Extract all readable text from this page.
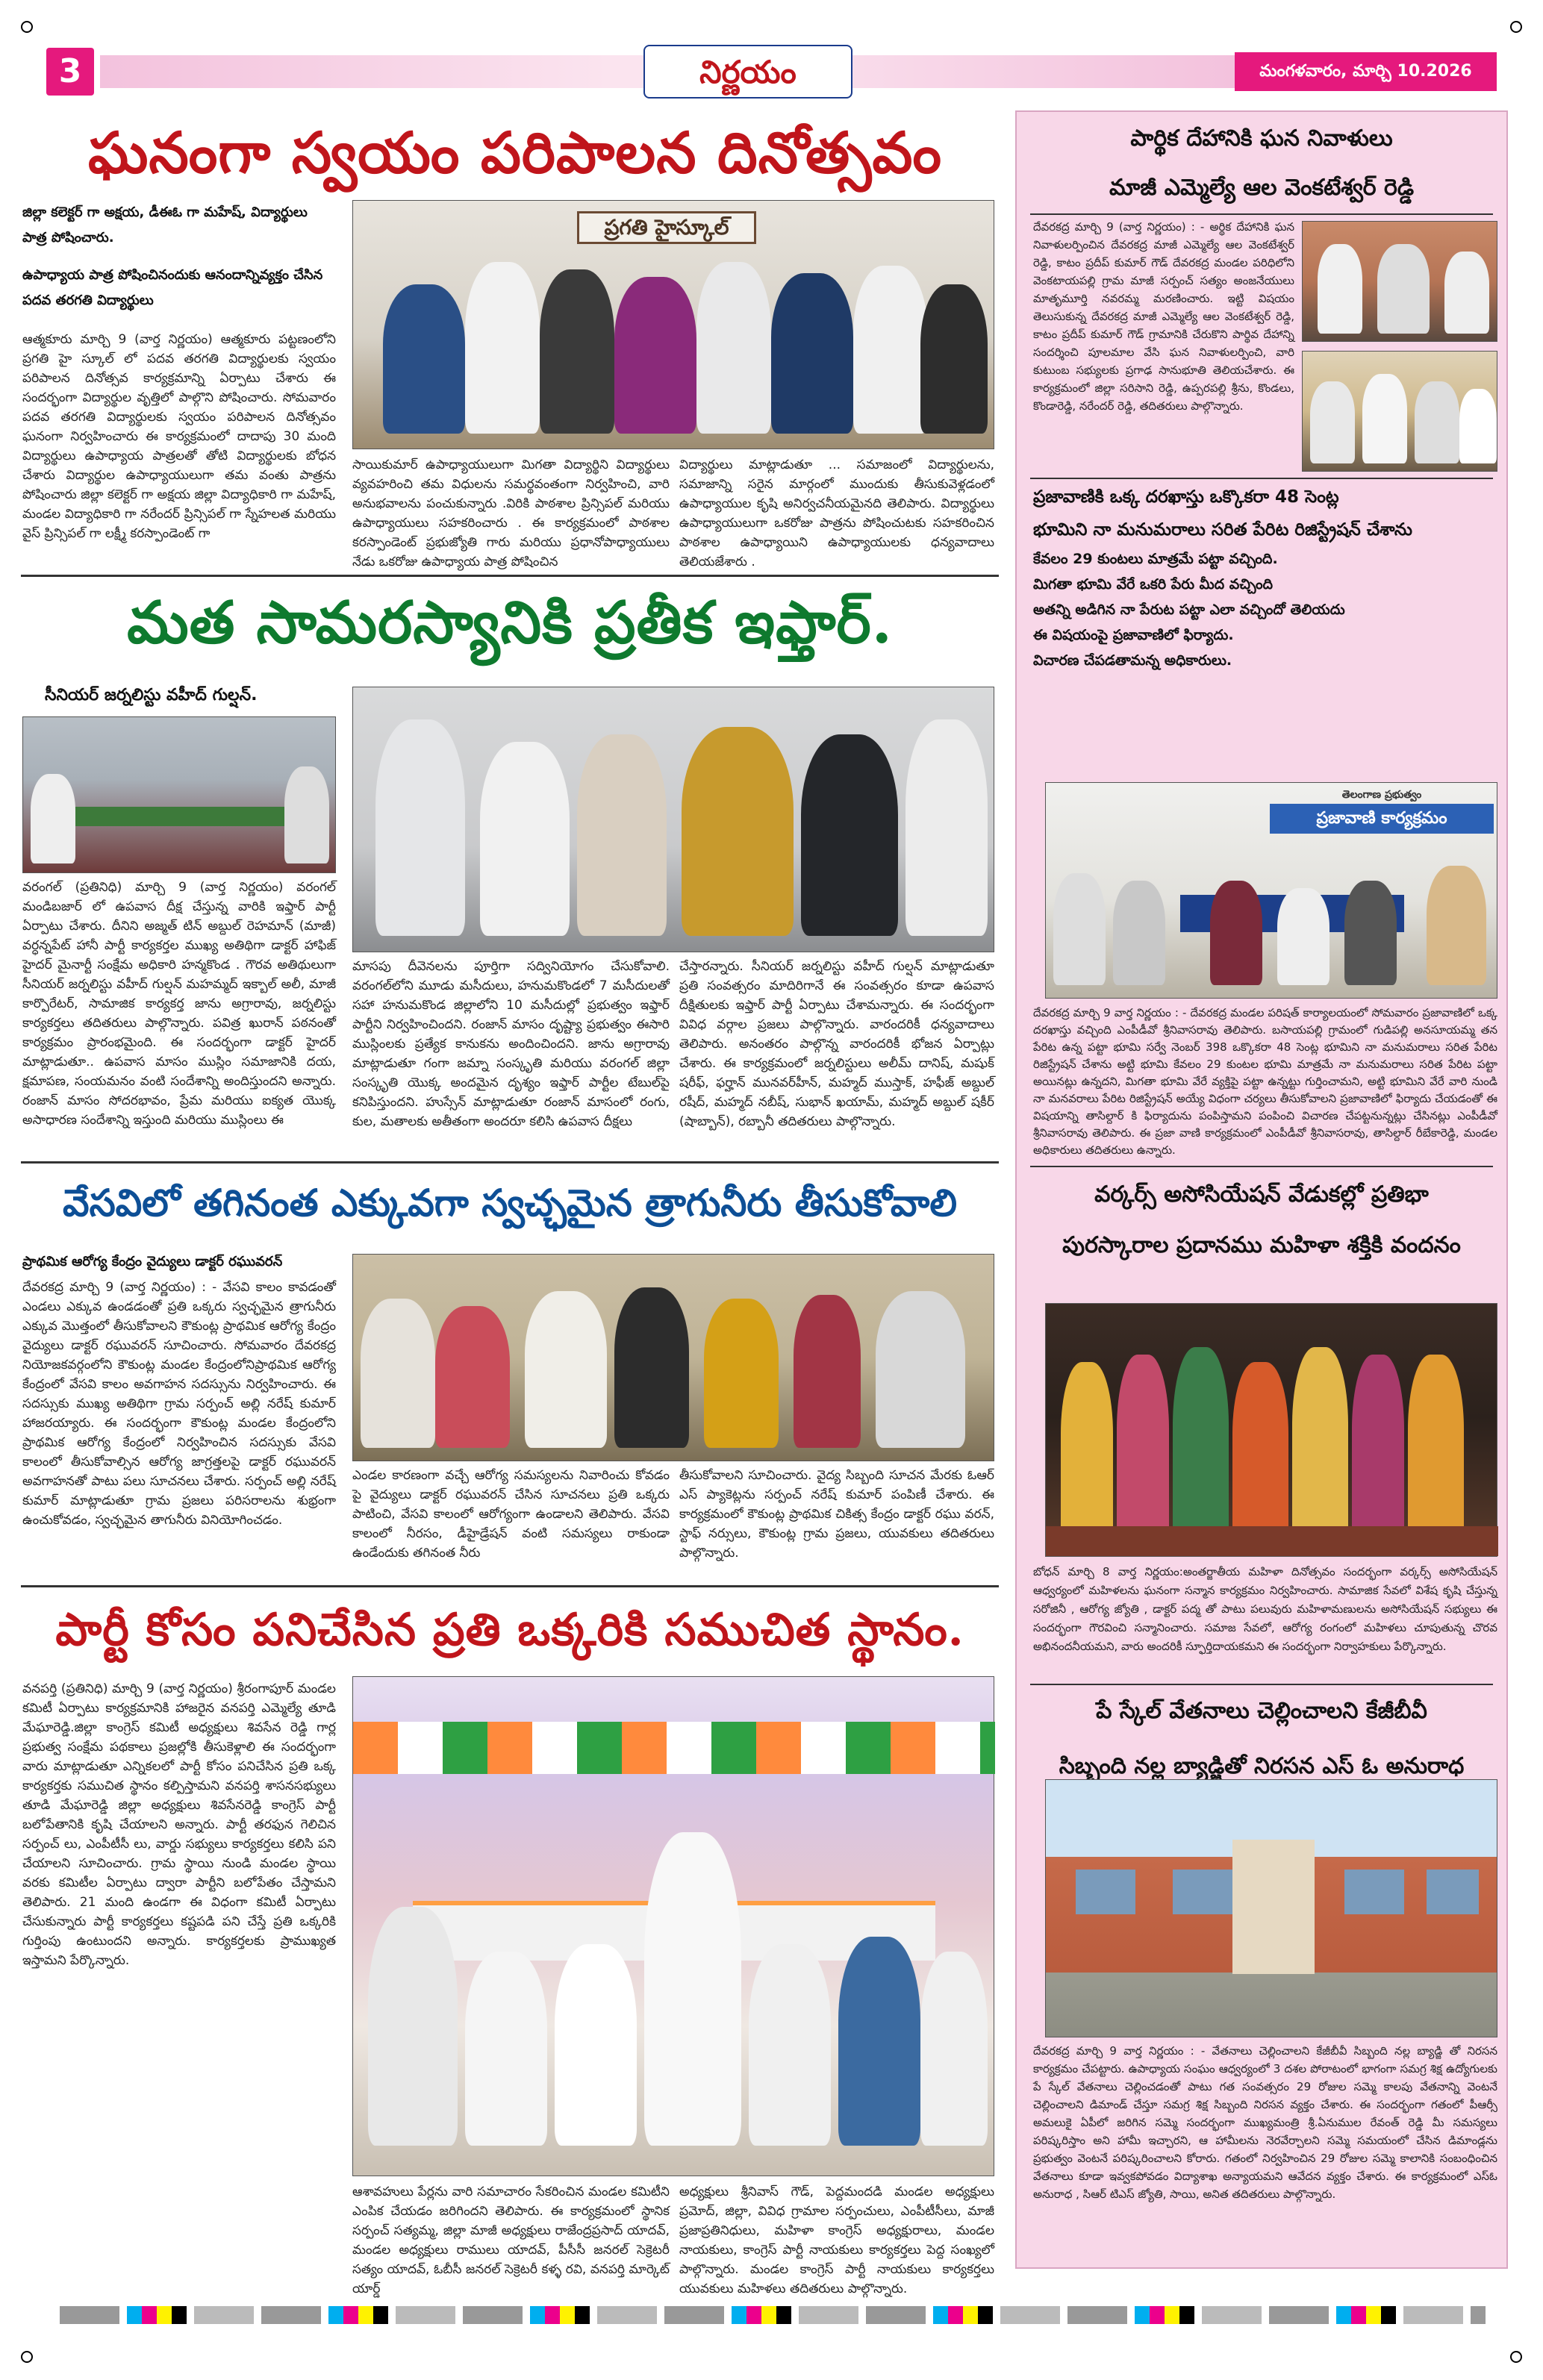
3	నిర్ణయం	మంగళవారం, మార్చి 10.2026
ఘనంగా స్వయం పరిపాలన దినోత్సవం
జిల్లా కలెక్టర్ గా అక్షయ, డీఈఓ గా మహేష్, విద్యార్థులు పాత్ర పోషించారు.
ఉపాధ్యాయ పాత్ర పోషించినందుకు ఆనందాన్నివ్యక్తం చేసిన పదవ తరగతి విద్యార్థులు
ఆత్మకూరు మార్చి 9 (వార్త నిర్ణయం) ఆత్మకూరు పట్టణంలోని ప్రగతి హై స్కూల్ లో పదవ తరగతి విద్యార్థులకు స్వయం పరిపాలన దినోత్సవ కార్యక్రమాన్ని ఏర్పాటు చేశారు ఈ సందర్భంగా విద్యార్థుల వృత్తిలో పాల్గొని పోషించారు. సోమవారం పదవ తరగతి విద్యార్థులకు స్వయం పరిపాలన దినోత్సవం ఘనంగా నిర్వహించారు ఈ కార్యక్రమంలో దాదాపు 30 మంది విద్యార్థులు ఉపాధ్యాయ పాత్రలతో తోటి విద్యార్థులకు బోధన చేశారు విద్యార్థుల ఉపాధ్యాయులుగా తమ వంతు పాత్రను పోషించారు జిల్లా కలెక్టర్ గా అక్షయ జిల్లా విద్యాధికారి గా మహేష్, మండల విద్యాధికారి గా నరేందర్ ప్రిన్సిపల్ గా స్నేహలత మరియు వైస్ ప్రిన్సిపల్ గా లక్ష్మీ కరస్పాండెంట్ గా
ప్రగతి హైస్కూల్
సాయికుమార్ ఉపాధ్యాయులుగా మిగతా విద్యార్థిని విద్యార్థులు వ్యవహరించి తమ విధులను సమర్థవంతంగా నిర్వహించి, వారి అనుభవాలను పంచుకున్నారు .విరికి పాఠశాల ప్రిన్సిపల్ మరియు ఉపాధ్యాయులు సహకరించారు . ఈ కార్యక్రమంలో పాఠశాల కరస్పాండెంట్ ప్రభుజ్యోతి గారు మరియు ప్రధానోపాధ్యాయులు నేడు ఒకరోజు ఉపాధ్యాయ పాత్ర పోషించిన
విద్యార్థులు మాట్లాడుతూ ... సమాజంలో విద్యార్థులను, సమాజాన్ని సరైన మార్గంలో ముందుకు తీసుకువెళ్లడంలో ఉపాధ్యాయుల కృషి అనిర్వచనీయమైనది తెలిపారు. విద్యార్థులు ఉపాధ్యాయులుగా ఒకరోజు పాత్రను పోషించుటకు సహకరించిన పాఠశాల ఉపాధ్యాయిని ఉపాధ్యాయులకు ధన్యవాదాలు తెలియజేశారు .
మత సామరస్యానికి ప్రతీక ఇఫ్తార్.
సీనియర్ జర్నలిస్టు వహీద్ గుల్షన్.
వరంగల్ (ప్రతినిధి) మార్చి 9 (వార్త నిర్ణయం) వరంగల్ మండిబజార్ లో ఉపవాస దీక్ష చేస్తున్న వారికి ఇఫ్తార్ పార్టీ ఏర్పాటు చేశారు. దీనిని అజ్మత్ టిన్ అబ్దుల్ రెహమాన్ (మాజీ) వర్ధన్నపేట్ హానీ పార్టీ కార్యకర్తల ముఖ్య అతిథిగా డాక్టర్ హాఫిజ్ హైదర్ మైనార్టీ సంక్షేమ అధికారి హన్మకొండ . గౌరవ అతిథులుగా సీనియర్ జర్నలిస్టు వహీద్ గుల్షన్ మహమ్మద్ ఇక్బాల్ అలీ, మాజీ కార్పొరేటర్, సామాజిక కార్యకర్త జాను అగ్రారావు, జర్నలిస్టు కార్యకర్తలు తదితరులు పాల్గొన్నారు. పవిత్ర ఖురాన్ పఠనంతో కార్యక్రమం ప్రారంభమైంది. ఈ సందర్భంగా డాక్టర్ హైదర్ మాట్లాడుతూ.. ఉపవాస మాసం ముస్లిం సమాజానికి దయ, క్షమాపణ, సంయమనం వంటి సందేశాన్ని అందిస్తుందని అన్నారు. రంజాన్ మాసం సోదరభావం, ప్రేమ మరియు ఐక్యత యొక్క అసాధారణ సందేశాన్ని ఇస్తుంది మరియు ముస్లింలు ఈ
మాసపు దీవెనలను పూర్తిగా సద్వినియోగం చేసుకోవాలి. వరంగల్‌లోని మూడు మసీదులు, హనుమకొండలో 7 మసీదులతో సహా హనుమకొండ జిల్లాలోని 10 మసీదుల్లో ప్రభుత్వం ఇఫ్తార్ పార్టీని నిర్వహించిందని. రంజాన్ మాసం దృష్ట్యా ప్రభుత్వం ఈసారి ముస్లింలకు ప్రత్యేక కానుకను అందించిందని. జాను అగ్రారావు మాట్లాడుతూ గంగా జమ్నా సంస్కృతి మరియు వరంగల్ జిల్లా సంస్కృతి యొక్క అందమైన దృశ్యం ఇఫ్తార్ పార్టీల టేబుల్‌పై కనిపిస్తుందని. హుస్సేన్ మాట్లాడుతూ రంజాన్ మాసంలో రంగు, కుల, మతాలకు అతీతంగా అందరూ కలిసి ఉపవాస దీక్షలు
చేస్తారన్నారు. సీనియర్ జర్నలిస్టు వహీద్ గుల్షన్ మాట్లాడుతూ ప్రతి సంవత్సరం మాదిరిగానే ఈ సంవత్సరం కూడా ఉపవాస దీక్షితులకు ఇఫ్తార్ పార్టీ ఏర్పాటు చేశామన్నారు. ఈ సందర్భంగా వివిధ వర్గాల ప్రజలు పాల్గొన్నారు. వారందరికీ ధన్యవాదాలు తెలిపారు. అనంతరం పాల్గొన్న వారందరికీ భోజన ఏర్పాట్లు చేశారు. ఈ కార్యక్రమంలో జర్నలిస్టులు అలీమ్ దానిష్, మషుక్ షరీఫ్, ఫర్హాన్ మునవర్‌హీన్, మహ్మద్ ముస్తాక్, హఫీజ్ అబ్దుల్ రషీద్, మహ్మద్ నబీష్, సుభాన్ ఖయామ్, మహ్మద్ అబ్దుల్ షకీర్ (షాబ్బాన్), రబ్బానీ తదితరులు పాల్గొన్నారు.
వేసవిలో తగినంత ఎక్కువగా స్వచ్ఛమైన త్రాగునీరు తీసుకోవాలి
ప్రాథమిక ఆరోగ్య కేంద్రం వైద్యులు డాక్టర్ రఘువరన్
దేవరకద్ర మార్చి 9 (వార్త నిర్ణయం) : - వేసవి కాలం కావడంతో ఎండలు ఎక్కువ ఉండడంతో ప్రతి ఒక్కరు స్వచ్ఛమైన త్రాగునీరు ఎక్కువ మొత్తంలో తీసుకోవాలని కౌకుంట్ల ప్రాథమిక ఆరోగ్య కేంద్రం వైద్యులు డాక్టర్ రఘువరన్ సూచించారు. సోమవారం దేవరకద్ర నియోజకవర్గంలోని కౌకుంట్ల మండల కేంద్రంలోనిప్రాథమిక ఆరోగ్య కేంద్రంలో వేసవి కాలం అవగాహన సదస్సును నిర్వహించారు. ఈ సదస్సుకు ముఖ్య అతిథిగా గ్రామ సర్పంచ్ అల్లి నరేష్ కుమార్ హాజరయ్యారు. ఈ సందర్భంగా కౌకుంట్ల మండల కేంద్రంలోని ప్రాథమిక ఆరోగ్య కేంద్రంలో నిర్వహించిన సదస్సుకు వేసవి కాలంలో తీసుకోవాల్సిన ఆరోగ్య జాగ్రత్తలపై డాక్టర్ రఘువరన్ అవగాహనతో పాటు పలు సూచనలు చేశారు. సర్పంచ్ అల్లి నరేష్ కుమార్ మాట్లాడుతూ గ్రామ ప్రజలు పరిసరాలను శుభ్రంగా ఉంచుకోవడం, స్వచ్ఛమైన తాగునీరు వినియోగించడం.
ఎండల కారణంగా వచ్చే ఆరోగ్య సమస్యలను నివారించు కోవడం పై వైద్యులు డాక్టర్ రఘువరన్ చేసిన సూచనలు ప్రతి ఒక్కరు పాటించి, వేసవి కాలంలో ఆరోగ్యంగా ఉండాలని తెలిపారు. వేసవి కాలంలో నీరసం, డీహైడ్రేషన్ వంటి సమస్యలు రాకుండా ఉండేందుకు తగినంత నీరు
తీసుకోవాలని సూచించారు. వైద్య సిబ్బంది సూచన మేరకు ఓఆర్ ఎస్ ప్యాకెట్లను సర్పంచ్ నరేష్ కుమార్ పంపిణీ చేశారు. ఈ కార్యక్రమంలో కౌకుంట్ల ప్రాథమిక చికిత్స కేంద్రం డాక్టర్ రఘు వరన్, స్టాఫ్ నర్సులు, కౌకుంట్ల గ్రామ ప్రజలు, యువకులు తదితరులు పాల్గొన్నారు.
పార్టీ కోసం పనిచేసిన ప్రతి ఒక్కరికి సముచిత స్థానం.
వనపర్తి (ప్రతినిధి) మార్చి 9 (వార్త నిర్ణయం) శ్రీరంగాపూర్ మండల కమిటీ ఏర్పాటు కార్యక్రమానికి హాజరైన వనపర్తి ఎమ్మెల్యే తూడి మేఘారెడ్డి.జిల్లా కాంగ్రెస్ కమిటీ అధ్యక్షులు శివసేన రెడ్డి గార్ల ప్రభుత్వ సంక్షేమ పథకాలు ప్రజల్లోకి తీసుకెళ్లాలి ఈ సందర్భంగా వారు మాట్లాడుతూ ఎన్నికలలో పార్టీ కోసం పనిచేసిన ప్రతి ఒక్క కార్యకర్తకు సముచిత స్థానం కల్పిస్తామని వనపర్తి శాసనసభ్యులు తూడి మేఘారెడ్డి జిల్లా అధ్యక్షులు శివసేనరెడ్డి కాంగ్రెస్ పార్టీ బలోపేతానికి కృషి చేయాలని అన్నారు. పార్టీ తరఫున గెలిచిన సర్పంచ్ లు, ఎంపీటీసీ లు, వార్డు సభ్యులు కార్యకర్తలు కలిసి పని చేయాలని సూచించారు. గ్రామ స్థాయి నుండి మండల స్థాయి వరకు కమిటీల ఏర్పాటు ద్వారా పార్టీని బలోపేతం చేస్తామని తెలిపారు. 21 మంది ఉండగా ఈ విధంగా కమిటీ ఏర్పాటు చేసుకున్నారు పార్టీ కార్యకర్తలు కష్టపడి పని చేస్తే ప్రతి ఒక్కరికి గుర్తింపు ఉంటుందని అన్నారు. కార్యకర్తలకు ప్రాముఖ్యత ఇస్తామని పేర్కొన్నారు.
ఆశావహులు పేర్లను వారి సమాచారం సేకరించిన మండల కమిటీని ఎంపిక చేయడం జరిగిందని తెలిపారు. ఈ కార్యక్రమంలో స్థానిక సర్పంచ్ సత్యమ్మ, జిల్లా మాజీ అధ్యక్షులు రాజేంద్రప్రసాద్ యాదవ్, మండల అధ్యక్షులు రాములు యాదవ్, పీసీసీ జనరల్ సెక్రెటరీ సత్యం యాదవ్, ఓబీసీ జనరల్ సెక్రెటరీ కళ్ళ రవి, వనపర్తి మార్కెట్ యార్డ్
అధ్యక్షులు శ్రీనివాస్ గౌడ్, పెద్దమందడి మండల అధ్యక్షులు ప్రమోద్, జిల్లా, వివిధ గ్రామాల సర్పంచులు, ఎంపీటీసీలు, మాజీ ప్రజాప్రతినిధులు, మహిళా కాంగ్రెస్ అధ్యక్షురాలు, మండల నాయకులు, కాంగ్రెస్ పార్టీ నాయకులు కార్యకర్తలు పెద్ద సంఖ్యలో పాల్గొన్నారు. మండల కాంగ్రెస్ పార్టీ నాయకులు కార్యకర్తలు యువకులు మహిళలు తదితరులు పాల్గొన్నారు.
పార్థిక దేహానికి ఘన నివాళులు
మాజీ ఎమ్మెల్యే ఆల వెంకటేశ్వర్ రెడ్డి
దేవరకద్ర మార్చి 9 (వార్త నిర్ణయం) : - అర్థిక దేహానికి ఘన నివాళులర్పించిన దేవరకద్ర మాజీ ఎమ్మెల్యే ఆల వెంకటేశ్వర్ రెడ్డి, కాటం ప్రదీప్ కుమార్ గౌడ్ దేవరకద్ర మండల పరిధిలోని వెంకటాయపల్లి గ్రామ మాజీ సర్పంచ్ సత్యం అంజనేయులు మాతృమూర్తి నవరమ్మ మరణించారు. ఇట్టి విషయం తెలుసుకున్న దేవరకద్ర మాజీ ఎమ్మెల్యే ఆల వెంకటేశ్వర్ రెడ్డి, కాటం ప్రదీప్ కుమార్ గౌడ్ గ్రామానికి చేరుకొని పార్థివ దేహాన్ని సందర్శించి పూలమాల వేసి ఘన నివాళులర్పించి, వారి కుటుంబ సభ్యులకు ప్రగాఢ సానుభూతి తెలియచేశారు. ఈ కార్యక్రమంలో జిల్లా సరిసాని రెడ్డి, ఉప్పరపల్లి శ్రీను, కొండలు, కొండారెడ్డి, నరేందర్ రెడ్డి, తదితరులు పాల్గొన్నారు.
ప్రజావాణికి ఒక్క దరఖాస్తు ఒక్కొకరా 48 సెంట్ల
భూమిని నా మనుమరాలు సరిత పేరిట రిజిస్ట్రేషన్ చేశాను
కేవలం 29 కుంటలు మాత్రమే పట్టా వచ్చింది.
మిగతా భూమి వేరే ఒకరి పేరు మీద వచ్చింది
అతన్ని అడిగిన నా పేరుట పట్టా ఎలా వచ్చిందో తెలియదు
ఈ విషయంపై ప్రజావాణిలో ఫిర్యాదు.
విచారణ చేపడతామన్న అధికారులు.
తెలంగాణ ప్రభుత్వం
ప్రజావాణి కార్యక్రమం
దేవరకద్ర మార్చి 9 వార్త నిర్ణయం : - దేవరకద్ర మండల పరిషత్ కార్యాలయంలో సోమవారం ప్రజావాణిలో ఒక్క దరఖాస్తు వచ్చింది ఎంపీడీవో శ్రీనివాసరావు తెలిపారు. బసాయపల్లి గ్రామంలో గుడిపల్లి అనసూయమ్మ తన పేరిట ఉన్న పట్టా భూమి సర్వే నెంబర్ 398 ఒక్కొకరా 48 సెంట్ల భూమిని నా మనుమరాలు సరిత పేరిట రిజిస్ట్రేషన్ చేశాను అట్టి భూమి కేవలం 29 కుంటల భూమి మాత్రమే నా మనుమరాలు సరిత పేరిట పట్టా అయినట్లు ఉన్నదని, మిగతా భూమి వేరే వ్యక్తిపై పట్టా ఉన్నట్టు గుర్తించామని, అట్టి భూమిని వేరే వారి నుండి నా మనవరాలు పేరిట రిజిస్ట్రేషన్ అయ్యే విధంగా చర్యలు తీసుకోవాలని ప్రజావాణిలో ఫిర్యాదు చేయడంతో ఈ విషయాన్ని తాసిల్దార్ కి ఫిర్యాదును పంపిస్తామని పంపించి విచారణ చేపట్టనున్నట్లు చేసినట్లు ఎంపీడీవో శ్రీనివాసరావు తెలిపారు. ఈ ప్రజా వాణి కార్యక్రమంలో ఎంపీడీవో శ్రీనివాసరావు, తాసిల్దార్ రీబేకారెడ్డి, మండల అధికారులు తదితరులు ఉన్నారు.
వర్కర్స్ అసోసియేషన్ వేడుకల్లో ప్రతిభా
పురస్కారాల ప్రదానము మహిళా శక్తికి వందనం
బోధన్ మార్చి 8 వార్త నిర్ణయం:అంతర్జాతీయ మహిళా దినోత్సవం సందర్భంగా వర్కర్స్ అసోసియేషన్ ఆధ్వర్యంలో మహిళలను ఘనంగా సన్మాన కార్యక్రమం నిర్వహించారు. సామాజిక సేవలో విశేష కృషి చేస్తున్న సరోజినీ , ఆరోగ్య జ్యోతి , డాక్టర్ పద్మ తో పాటు పలువురు మహిళామణులను అసోసియేషన్ సభ్యులు ఈ సందర్భంగా గౌరవించి సన్మానించారు. సమాజ సేవలో, ఆరోగ్య రంగంలో మహిళలు చూపుతున్న చొరవ అభినందనీయమని, వారు అందరికీ స్ఫూర్తిదాయకమని ఈ సందర్భంగా నిర్వాహకులు పేర్కొన్నారు.
పే స్కేల్ వేతనాలు చెల్లించాలని కేజీబీవీ
సిబ్బంది నల్ల బ్యాడ్జితో నిరసన ఎస్ ఓ అనురాధ
దేవరకద్ర మార్చి 9 వార్త నిర్ణయం : - వేతనాలు చెల్లించాలని కేజీబీవీ సిబ్బంది నల్ల బ్యాడ్జి తో నిరసన కార్యక్రమం చేపట్టారు. ఉపాధ్యాయ సంఘం ఆధ్వర్యంలో 3 దశల పోరాటంలో భాగంగా సమగ్ర శిక్ష ఉద్యోగులకు పే స్కేల్ వేతనాలు చెల్లించడంతో పాటు గత సంవత్సరం 29 రోజుల సమ్మె కాలపు వేతనాన్ని వెంటనే చెల్లించాలని డిమాండ్ చేస్తూ సమగ్ర శిక్ష సిబ్బంది నిరసన వ్యక్తం చేశారు. ఈ సందర్భంగా గతంలో పీఆర్సీ అమలుకై ఏపీలో జరిగిన సమ్మె సందర్భంగా ముఖ్యమంత్రి శ్రీ.ఏనుముల రేవంత్ రెడ్డి మీ సమస్యలు పరిష్కరిస్తాం అని హామీ ఇచ్చారని, ఆ హామీలను నెరవేర్చాలని సమ్మె సమయంలో చేసిన డిమాండ్లను ప్రభుత్వం వెంటనే పరిష్కరించాలని కోరారు. గతంలో నిర్వహించిన 29 రోజుల సమ్మె కాలానికి సంబంధించిన వేతనాలు కూడా ఇవ్వకపోవడం విద్యాశాఖ అన్యాయమని ఆవేదన వ్యక్తం చేశారు. ఈ కార్యక్రమంలో ఎస్ఓ అనురాధ , సిఆర్ టిఎస్ జ్యోతి, సాయి, అనిత తదితరులు పాల్గొన్నారు.
